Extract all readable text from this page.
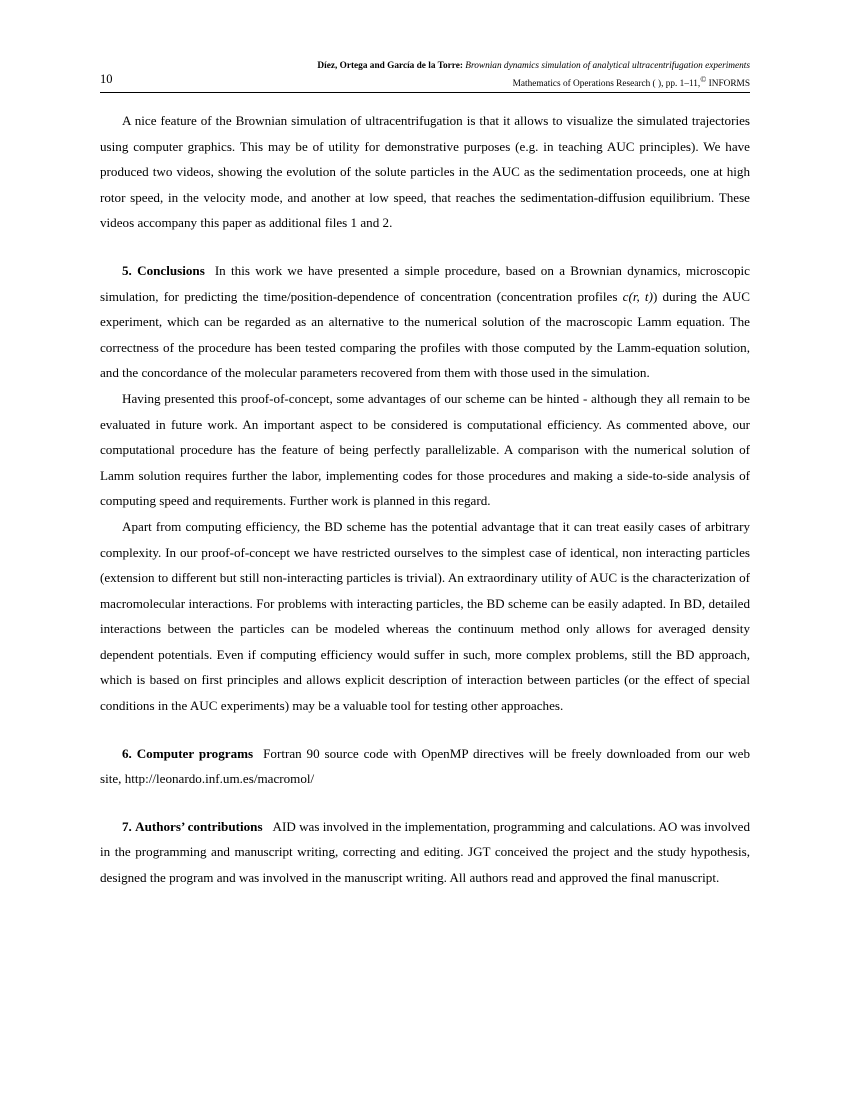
10
Díez, Ortega and García de la Torre: Brownian dynamics simulation of analytical ultracentrifugation experiments
Mathematics of Operations Research ( ), pp. 1–11,© INFORMS

A nice feature of the Brownian simulation of ultracentrifugation is that it allows to visualize the simulated trajectories using computer graphics. This may be of utility for demonstrative purposes (e.g. in teaching AUC principles). We have produced two videos, showing the evolution of the solute particles in the AUC as the sedimentation proceeds, one at high rotor speed, in the velocity mode, and another at low speed, that reaches the sedimentation-diffusion equilibrium. These videos accompany this paper as additional files 1 and 2.

5. Conclusions In this work we have presented a simple procedure, based on a Brownian dynamics, microscopic simulation, for predicting the time/position-dependence of concentration (concentration profiles c(r, t)) during the AUC experiment, which can be regarded as an alternative to the numerical solution of the macroscopic Lamm equation. The correctness of the procedure has been tested comparing the profiles with those computed by the Lamm-equation solution, and the concordance of the molecular parameters recovered from them with those used in the simulation.

Having presented this proof-of-concept, some advantages of our scheme can be hinted - although they all remain to be evaluated in future work. An important aspect to be considered is computational efficiency. As commented above, our computational procedure has the feature of being perfectly parallelizable. A comparison with the numerical solution of Lamm solution requires further the labor, implementing codes for those procedures and making a side-to-side analysis of computing speed and requirements. Further work is planned in this regard.

Apart from computing efficiency, the BD scheme has the potential advantage that it can treat easily cases of arbitrary complexity. In our proof-of-concept we have restricted ourselves to the simplest case of identical, non interacting particles (extension to different but still non-interacting particles is trivial). An extraordinary utility of AUC is the characterization of macromolecular interactions. For problems with interacting particles, the BD scheme can be easily adapted. In BD, detailed interactions between the particles can be modeled whereas the continuum method only allows for averaged density dependent potentials. Even if computing efficiency would suffer in such, more complex problems, still the BD approach, which is based on first principles and allows explicit description of interaction between particles (or the effect of special conditions in the AUC experiments) may be a valuable tool for testing other approaches.

6. Computer programs Fortran 90 source code with OpenMP directives will be freely downloaded from our web site, http://leonardo.inf.um.es/macromol/

7. Authors’ contributions AID was involved in the implementation, programming and calculations. AO was involved in the programming and manuscript writing, correcting and editing. JGT conceived the project and the study hypothesis, designed the program and was involved in the manuscript writing. All authors read and approved the final manuscript.
